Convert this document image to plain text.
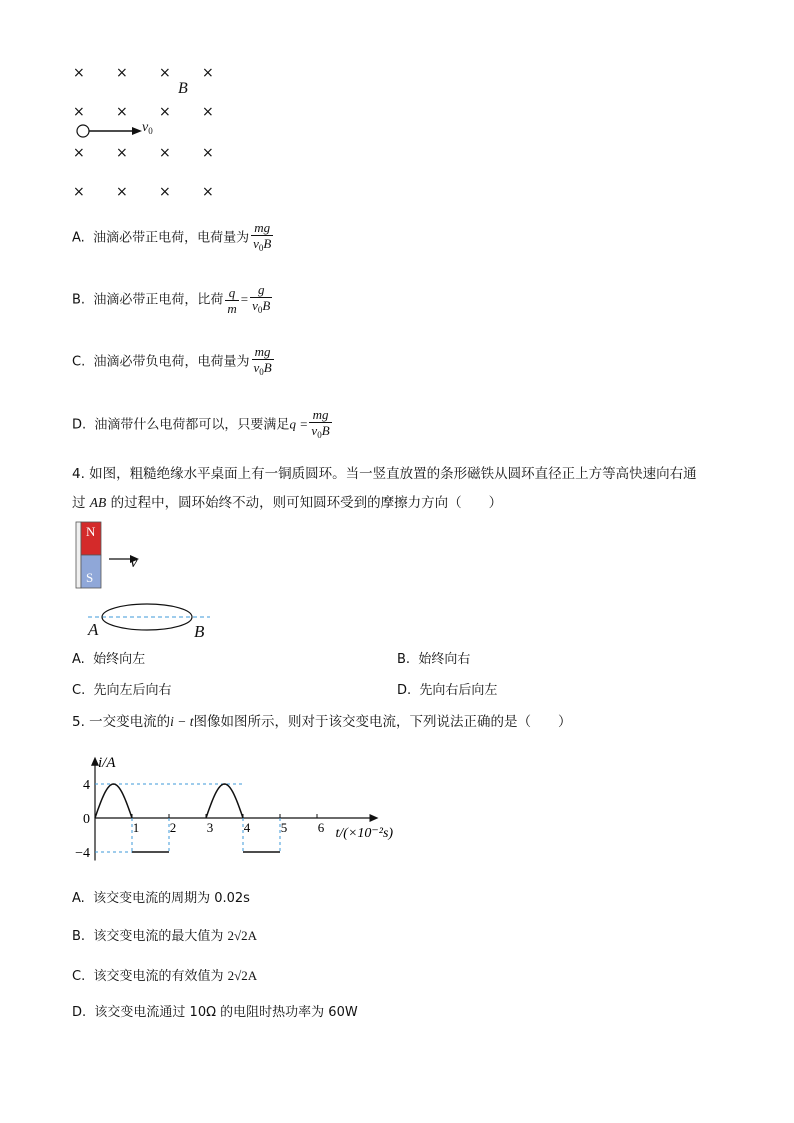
× × × ×
B
× × × ×
$v_0$
× × × ×
× × × ×
A. 油滴必带正电荷，电荷量为 $\frac{mg}{v_0B}$
B. 油滴必带正电荷，比荷 $\frac{q}{m} = \frac{g}{v_0B}$
C. 油滴必带负电荷，电荷量为 $\frac{mg}{v_0B}$
D. 油滴带什么电荷都可以，只要满足$q = \frac{mg}{v_0B}$
4. 如图，粗糙绝缘水平桌面上有一铜质圆环。当一竖直放置的条形磁铁从圆环直径正上方等高快速向右通
过 AB 的过程中，圆环始终不动，则可知圆环受到的摩擦力方向（　　）
N
S
v
A	B
A. 始终向左	B. 始终向右
C. 先向左后向右	D. 先向右后向左
5. 一交变电流的i − t图像如图所示，则对于该交变电流，下列说法正确的是（　　）
1 2 3 4 5 6
4
0
−4
i/A
t/(×10⁻²s)
A. 该交变电流的周期为 0.02s
B. 该交变电流的最大值为 2√2A
C. 该交变电流的有效值为 2√2A
D. 该交变电流通过 10Ω 的电阻时热功率为 60W
